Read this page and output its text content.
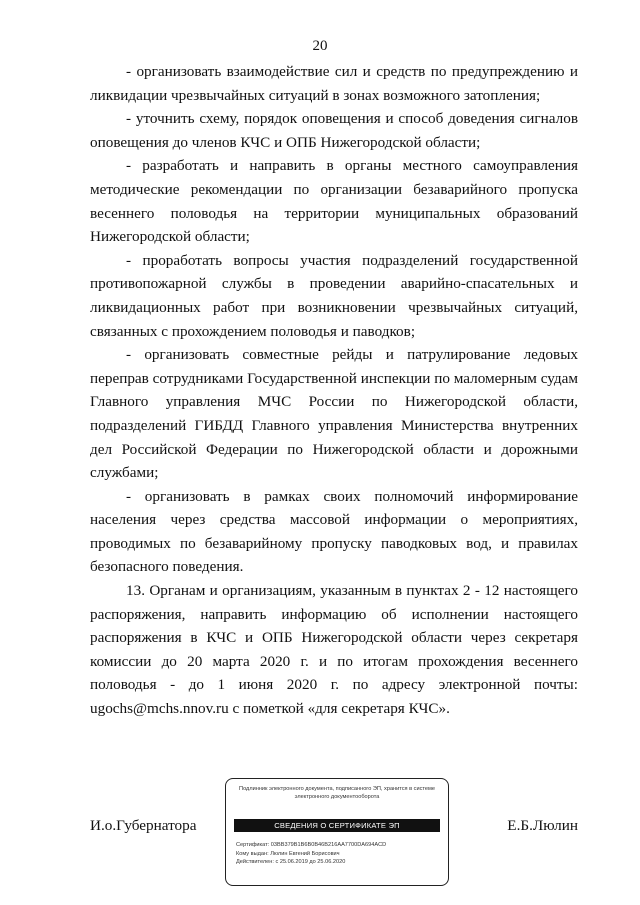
20

- организовать взаимодействие сил и средств по предупреждению и ликвидации чрезвычайных ситуаций в зонах возможного затопления;

- уточнить схему, порядок оповещения и способ доведения сигналов оповещения до членов КЧС и ОПБ Нижегородской области;

- разработать и направить в органы местного самоуправления методические рекомендации по организации безаварийного пропуска весеннего половодья на территории муниципальных образований Нижегородской области;

- проработать вопросы участия подразделений государственной противопожарной службы в проведении аварийно-спасательных и ликвидационных работ при возникновении чрезвычайных ситуаций, связанных с прохождением половодья и паводков;

- организовать совместные рейды и патрулирование ледовых переправ сотрудниками Государственной инспекции по маломерным судам Главного управления МЧС России по Нижегородской области, подразделений ГИБДД Главного управления Министерства внутренних дел Российской Федерации по Нижегородской области и дорожными службами;

- организовать в рамках своих полномочий информирование населения через средства массовой информации о мероприятиях, проводимых по безаварийному пропуску паводковых вод, и правилах безопасного поведения.

13. Органам и организациям, указанным в пунктах 2 - 12 настоящего распоряжения, направить информацию об исполнении настоящего распоряжения в КЧС и ОПБ Нижегородской области через секретаря комиссии до 20 марта 2020 г. и по итогам прохождения весеннего половодья - до 1 июня 2020 г. по адресу электронной почты: ugochs@mchs.nnov.ru с пометкой «для секретаря КЧС».

И.о.Губернатора
Подлинник электронного документа, подписанного ЭП, хранится в системе электронного документооборота
СВЕДЕНИЯ О СЕРТИФИКАТЕ ЭП
Сертификат: 03BB379B1B6B0B46B216AA7700DA694ACD
Кому выдан: Люлин Евгений Борисович
Действителен: с 25.06.2019 до 25.06.2020
Е.Б.Люлин
